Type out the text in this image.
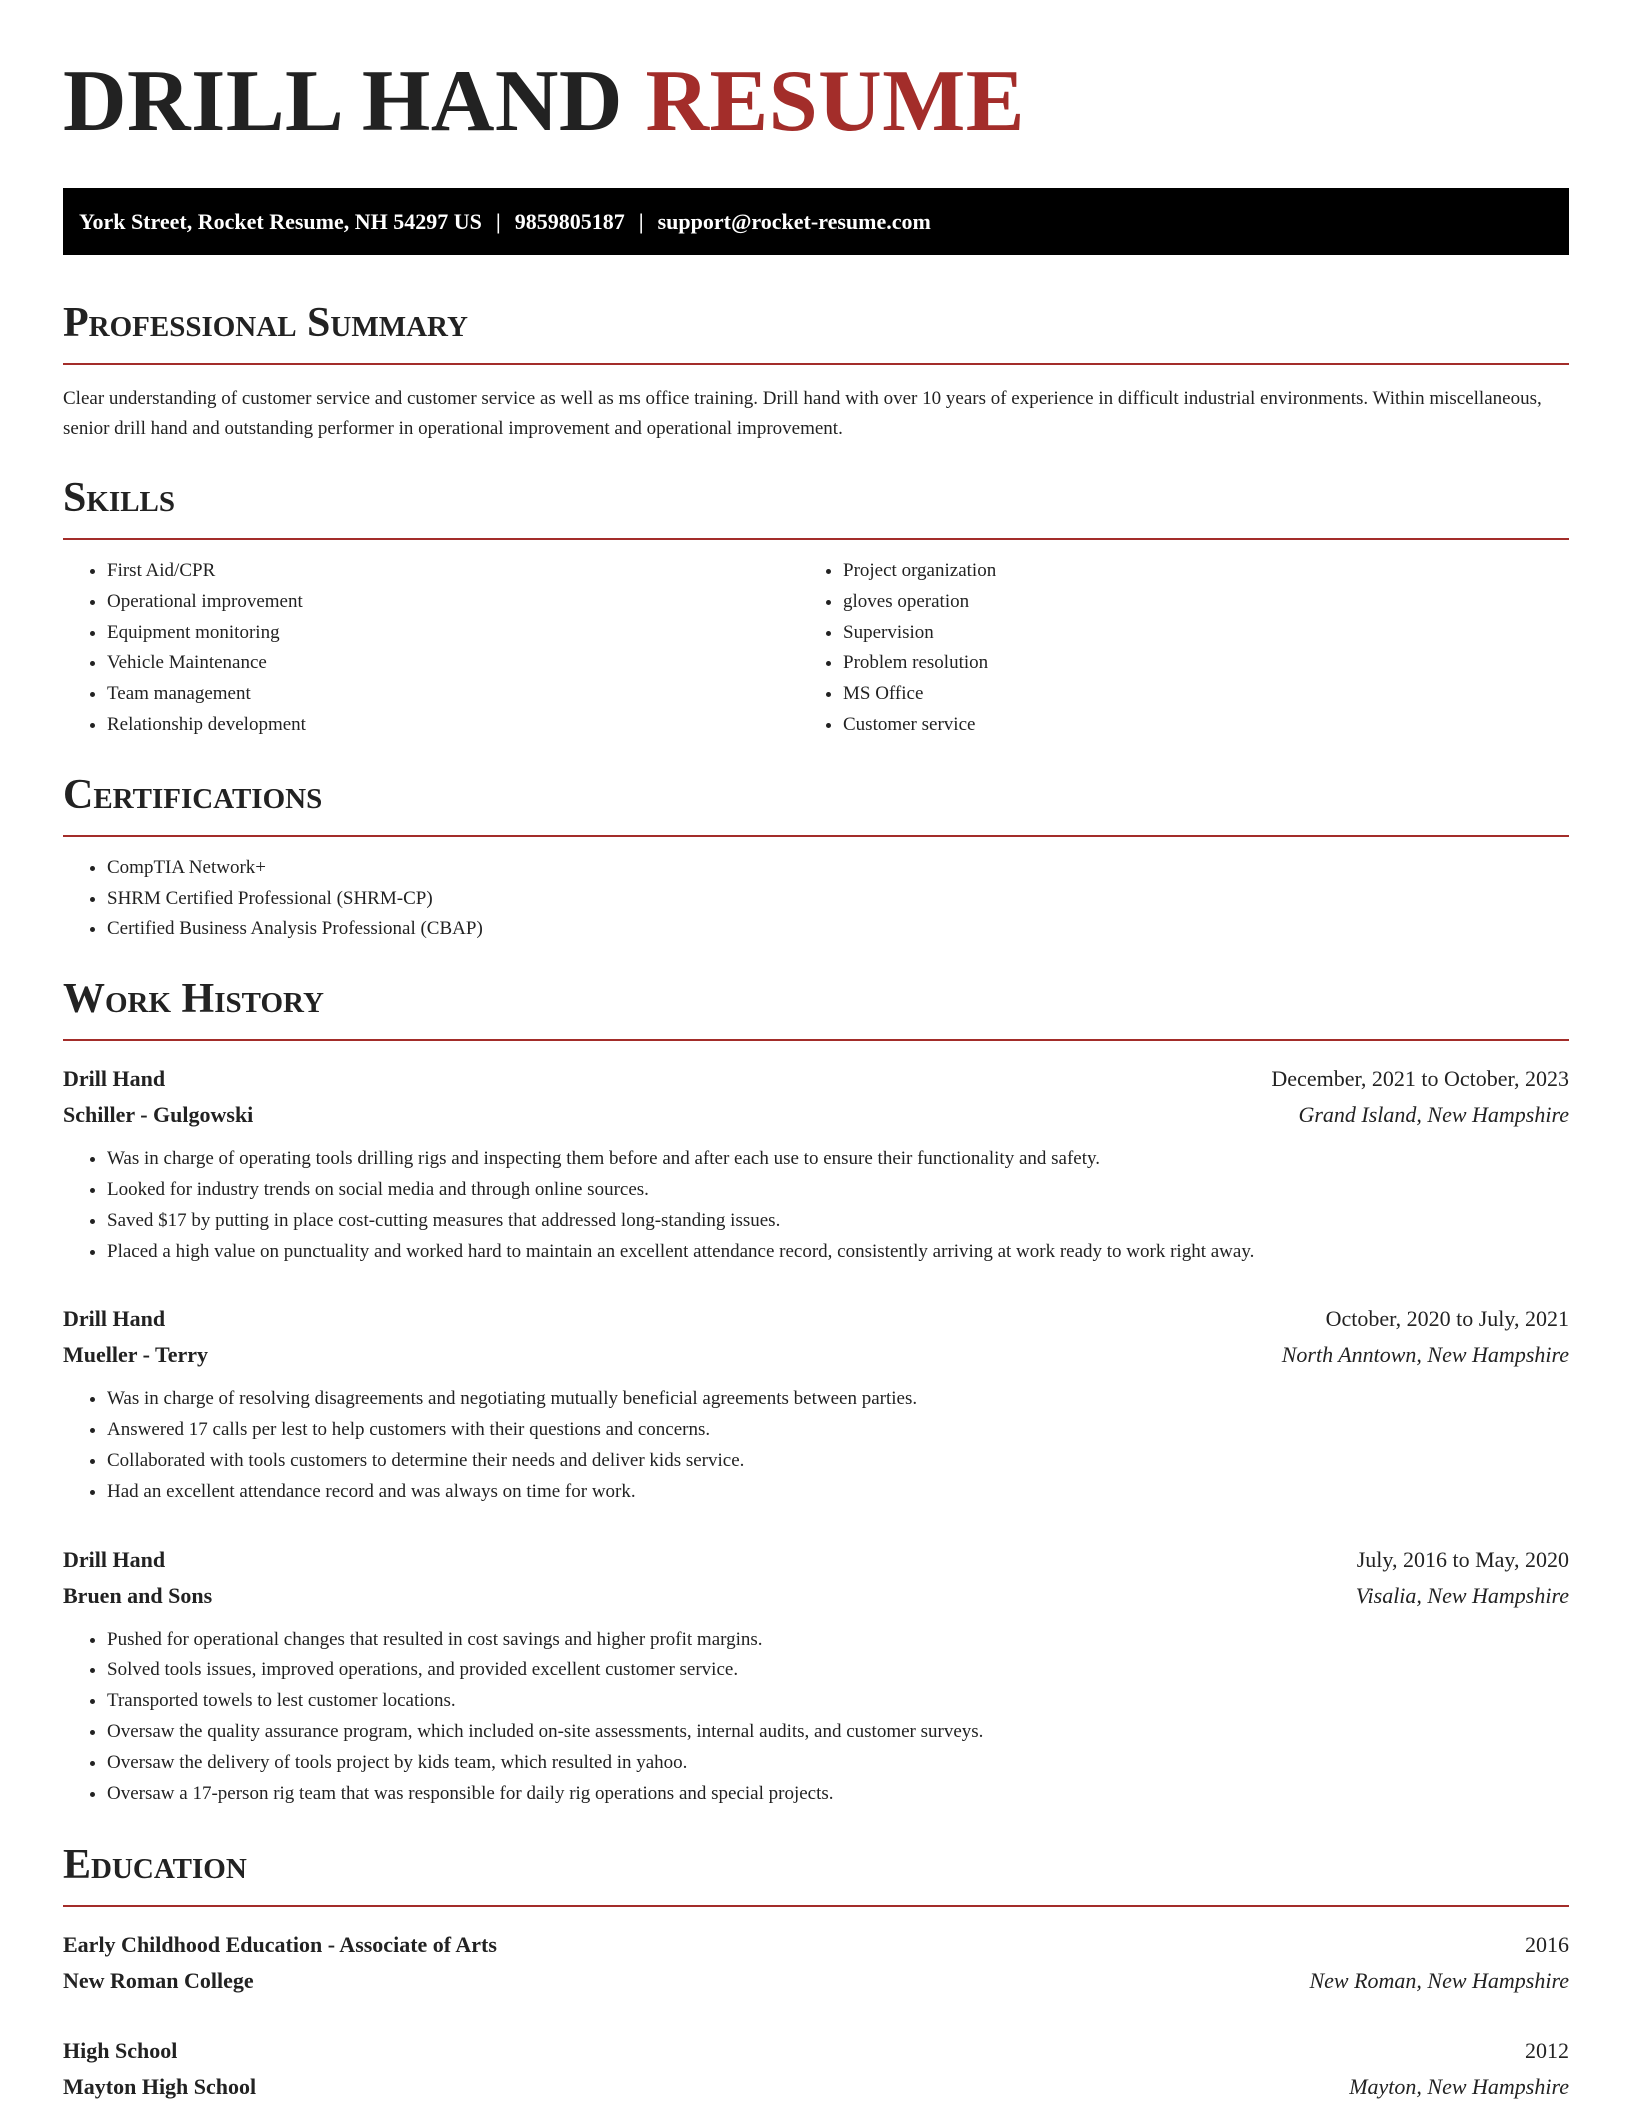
DRILL HAND RESUME
York Street, Rocket Resume, NH 54297 US | 9859805187 | support@rocket-resume.com
Professional Summary

Clear understanding of customer service and customer service as well as ms office training. Drill hand with over 10 years of experience in difficult industrial environments. Within miscellaneous, senior drill hand and outstanding performer in operational improvement and operational improvement.

Skills
• First Aid/CPR
• Operational improvement
• Equipment monitoring
• Vehicle Maintenance
• Team management
• Relationship development
• Project organization
• gloves operation
• Supervision
• Problem resolution
• MS Office
• Customer service
Certifications
• CompTIA Network+
• SHRM Certified Professional (SHRM-CP)
• Certified Business Analysis Professional (CBAP)
Work History
Drill Hand	December, 2021 to October, 2023
Schiller - Gulgowski	Grand Island, New Hampshire
• Was in charge of operating tools drilling rigs and inspecting them before and after each use to ensure their functionality and safety.
• Looked for industry trends on social media and through online sources.
• Saved $17 by putting in place cost-cutting measures that addressed long-standing issues.
• Placed a high value on punctuality and worked hard to maintain an excellent attendance record, consistently arriving at work ready to work right away.
Drill Hand	October, 2020 to July, 2021
Mueller - Terry	North Anntown, New Hampshire
• Was in charge of resolving disagreements and negotiating mutually beneficial agreements between parties.
• Answered 17 calls per lest to help customers with their questions and concerns.
• Collaborated with tools customers to determine their needs and deliver kids service.
• Had an excellent attendance record and was always on time for work.
Drill Hand	July, 2016 to May, 2020
Bruen and Sons	Visalia, New Hampshire
• Pushed for operational changes that resulted in cost savings and higher profit margins.
• Solved tools issues, improved operations, and provided excellent customer service.
• Transported towels to lest customer locations.
• Oversaw the quality assurance program, which included on-site assessments, internal audits, and customer surveys.
• Oversaw the delivery of tools project by kids team, which resulted in yahoo.
• Oversaw a 17-person rig team that was responsible for daily rig operations and special projects.
Education
Early Childhood Education - Associate of Arts	2016
New Roman College	New Roman, New Hampshire
High School	2012
Mayton High School	Mayton, New Hampshire
